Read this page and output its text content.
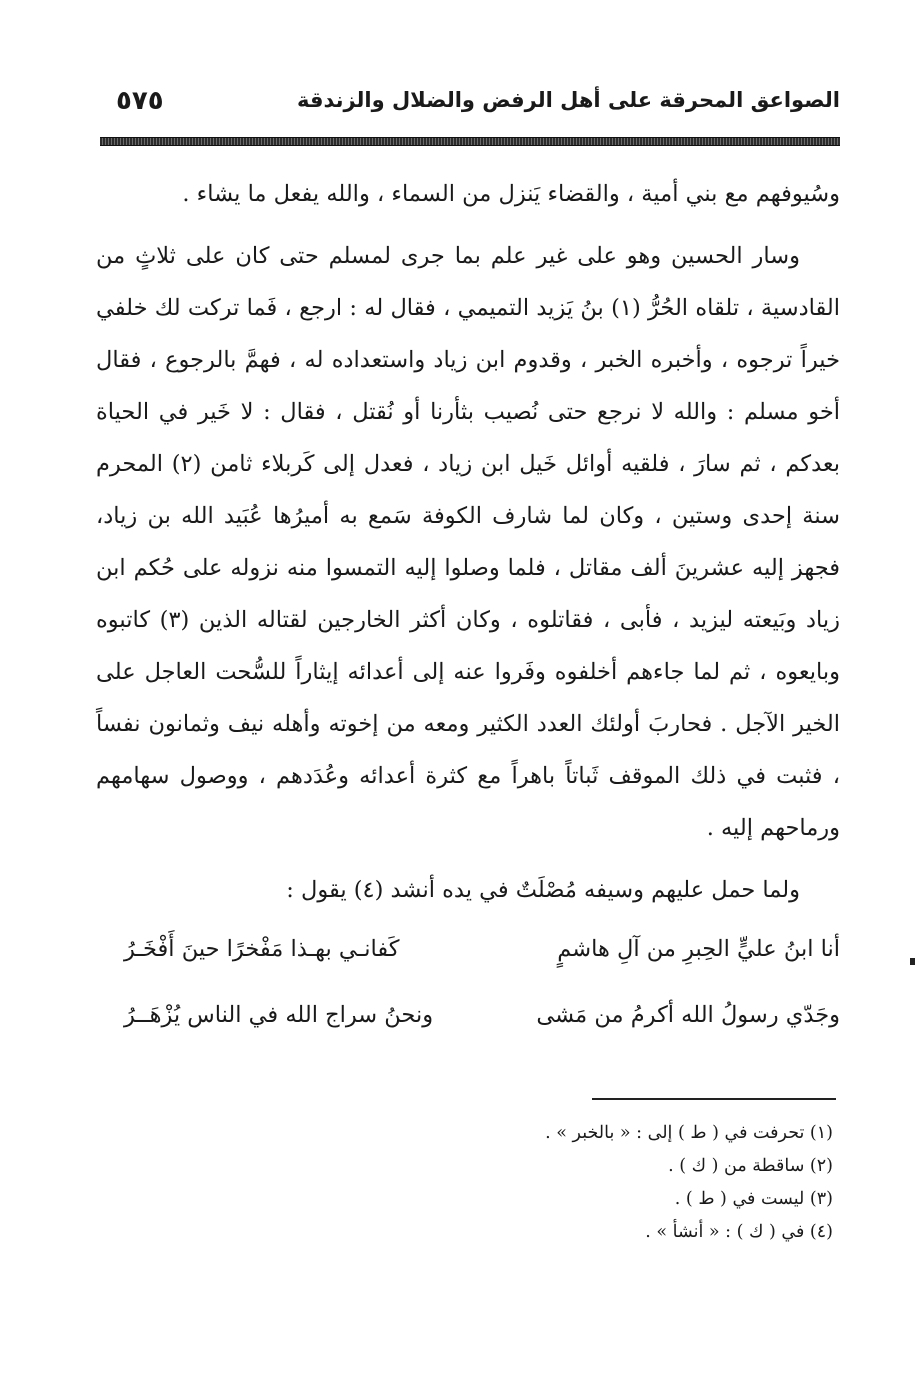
الصواعق المحرقة على أهل الرفض والضلال والزندقة
٥٧٥

وسُيوفهم مع بني أمية ، والقضاء يَنزل من السماء ، والله يفعل ما يشاء .

وسار الحسين وهو على غير علم بما جرى لمسلم حتى كان على ثلاثٍ من القادسية ، تلقاه الحُرُّ (١) بنُ يَزيد التميمي ، فقال له : ارجع ، فَما تركت لك خلفي خيراً ترجوه ، وأخبره الخبر ، وقدوم ابن زياد واستعداده له ، فهمَّ بالرجوع ، فقال أخو مسلم : والله لا نرجع حتى نُصيب بثأرنا أو نُقتل ، فقال : لا خَير في الحياة بعدكم ، ثم سارَ ، فلقيه أوائل خَيل ابن زياد ، فعدل إلى كَربلاء ثامن (٢) المحرم سنة إحدى وستين ، وكان لما شارف الكوفة سَمع به أميرُها عُبَيد الله بن زياد، فجهز إليه عشرينَ ألف مقاتل ، فلما وصلوا إليه التمسوا منه نزوله على حُكم ابن زياد وبَيعته ليزيد ، فأبى ، فقاتلوه ، وكان أكثر الخارجين لقتاله الذين (٣) كاتبوه وبايعوه ، ثم لما جاءهم أخلفوه وفَروا عنه إلى أعدائه إيثاراً للسُّحت العاجل على الخير الآجل . فحاربَ أولئك العدد الكثير ومعه من إخوته وأهله نيف وثمانون نفساً ، فثبت في ذلك الموقف ثَباتاً باهراً مع كثرة أعدائه وعُدَدهم ، ووصول سهامهم ورماحهم إليه .

ولما حمل عليهم وسيفه مُصْلَتٌ في يده أنشد (٤) يقول :

أنا ابنُ عليٍّ الحِبرِ من آلِ هاشمٍ
كَفانـي بهـذا مَفْخرًا حينَ أَفْخَـرُ
وجَدّي رسولُ الله أكرمُ من مَشى
ونحنُ سراج الله في الناس يُزْهَــرُ
(١) تحرفت في ( ط ) إلى : « بالخبر » .
(٢) ساقطة من ( ك ) .
(٣) ليست في ( ط ) .
(٤) في ( ك ) : « أنشأ » .
